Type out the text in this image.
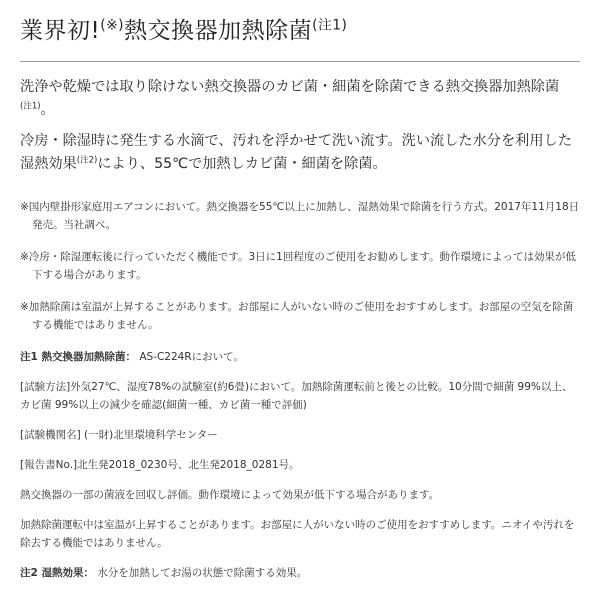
業界初!(※)熱交換器加熱除菌$^{(注1)}$

洗浄や乾燥では取り除けない熱交換器のカビ菌・細菌を除菌できる熱交換器加熱除菌
$^{(注1)}$。

冷房・除湿時に発生する水滴で、汚れを浮かせて洗い流す。洗い流した水分を利用した湿熱効果$^{(注2)}$により、55℃で加熱しカビ菌・細菌を除菌。

※国内壁掛形家庭用エアコンにおいて。熱交換器を55℃以上に加熱し、湿熱効果で除菌を行う方式。2017年11月18日発売。当社調べ。

※冷房・除湿運転後に行っていただく機能です。3日に1回程度のご使用をお勧めします。動作環境によっては効果が低下する場合があります。

※加熱除菌は室温が上昇することがあります。お部屋に人がいない時のご使用をおすすめします。お部屋の空気を除菌する機能ではありません。

注1 熱交換器加熱除菌： AS-C224Rにおいて。

[試験方法]外気27℃、湿度78%の試験室(約6畳)において。加熱除菌運転前と後との比較。10分間で細菌 99%以上、カビ菌 99%以上の減少を確認(細菌一種、カビ菌一種で評価)

[試験機関名] (一財)北里環境科学センター

[報告書No.]北生発2018_0230号、北生発2018_0281号。

熱交換器の一部の菌液を回収し評価。動作環境によって効果が低下する場合があります。

加熱除菌運転中は室温が上昇することがあります。お部屋に人がいない時のご使用をおすすめします。ニオイや汚れを除去する機能ではありません。

注2 湿熱効果： 水分を加熱してお湯の状態で除菌する効果。
